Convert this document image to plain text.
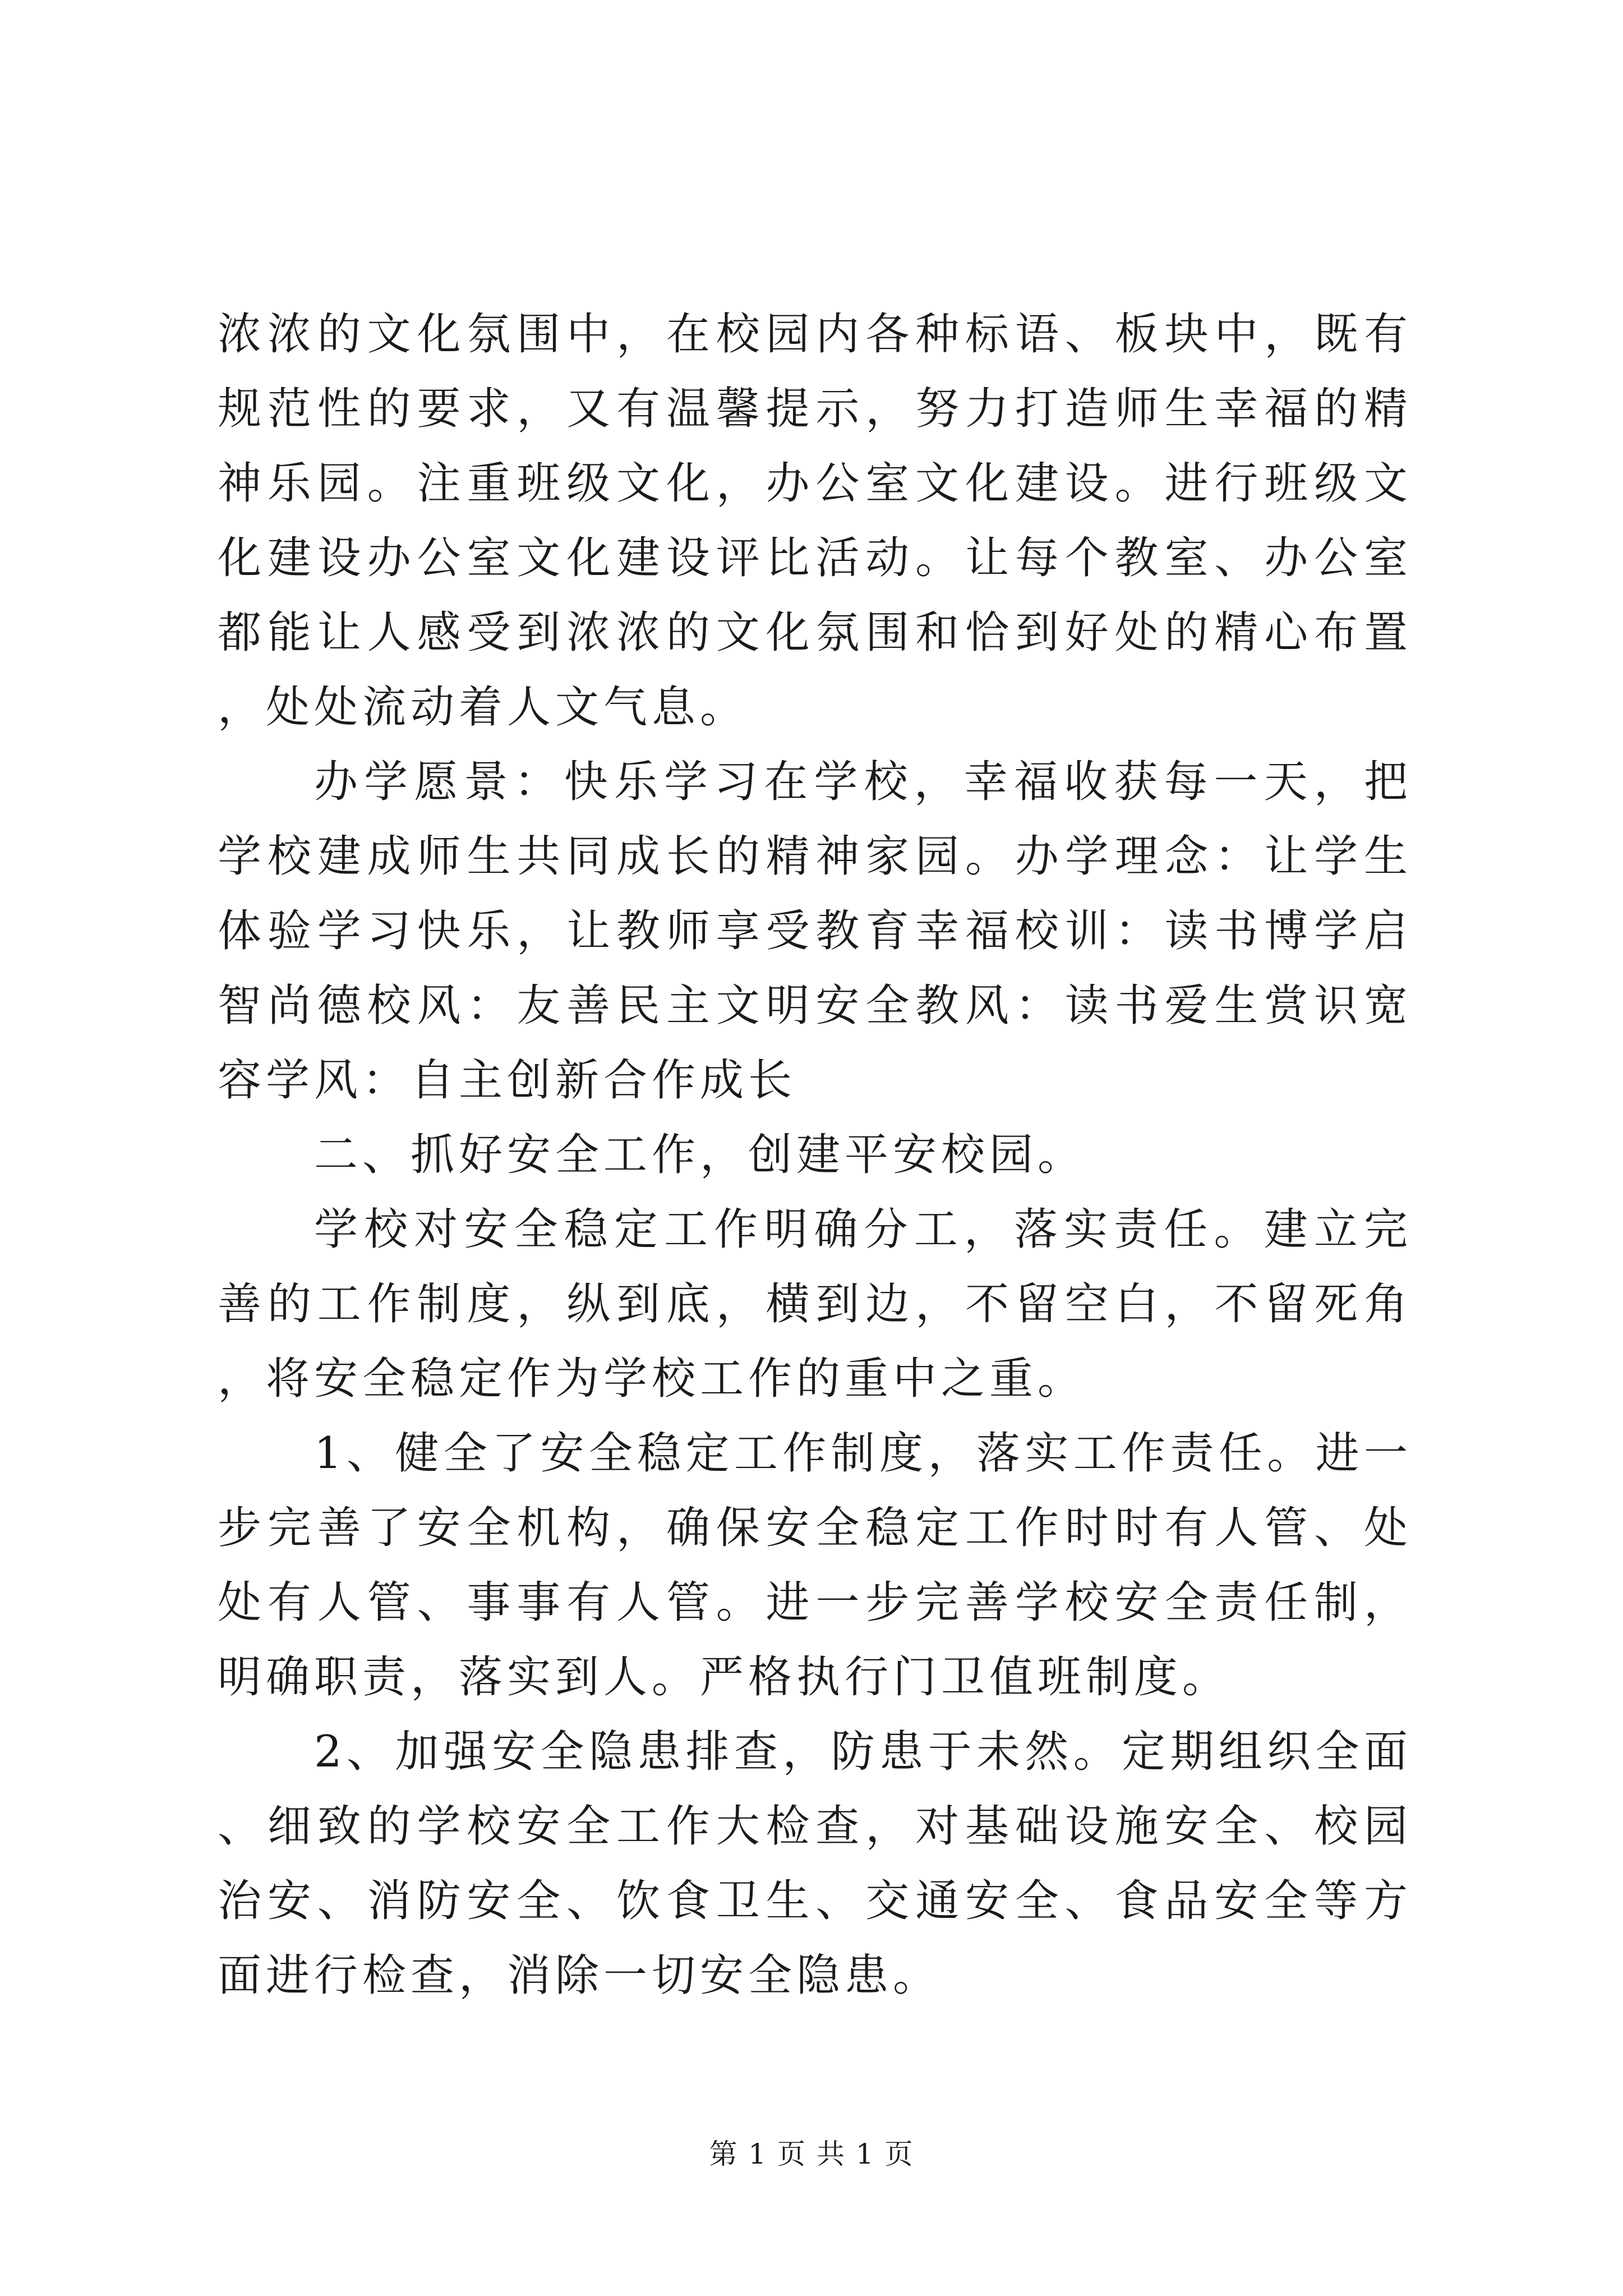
浓浓的文化氛围中，在校园内各种标语、板块中，既有规范性的要求，又有温馨提示，努力打造师生幸福的精神乐园。注重班级文化，办公室文化建设。进行班级文化建设办公室文化建设评比活动。让每个教室、办公室都能让人感受到浓浓的文化氛围和恰到好处的精心布置，处处流动着人文气息。

办学愿景：快乐学习在学校，幸福收获每一天，把学校建成师生共同成长的精神家园。办学理念：让学生体验学习快乐，让教师享受教育幸福校训：读书博学启智尚德校风：友善民主文明安全教风：读书爱生赏识宽容学风：自主创新合作成长

二、抓好安全工作，创建平安校园。

学校对安全稳定工作明确分工，落实责任。建立完善的工作制度，纵到底，横到边，不留空白，不留死角，将安全稳定作为学校工作的重中之重。

1、健全了安全稳定工作制度，落实工作责任。进一步完善了安全机构，确保安全稳定工作时时有人管、处处有人管、事事有人管。进一步完善学校安全责任制，明确职责，落实到人。严格执行门卫值班制度。

2、加强安全隐患排查，防患于未然。定期组织全面、细致的学校安全工作大检查，对基础设施安全、校园治安、消防安全、饮食卫生、交通安全、食品安全等方面进行检查，消除一切安全隐患。

第 1 页 共 1 页
